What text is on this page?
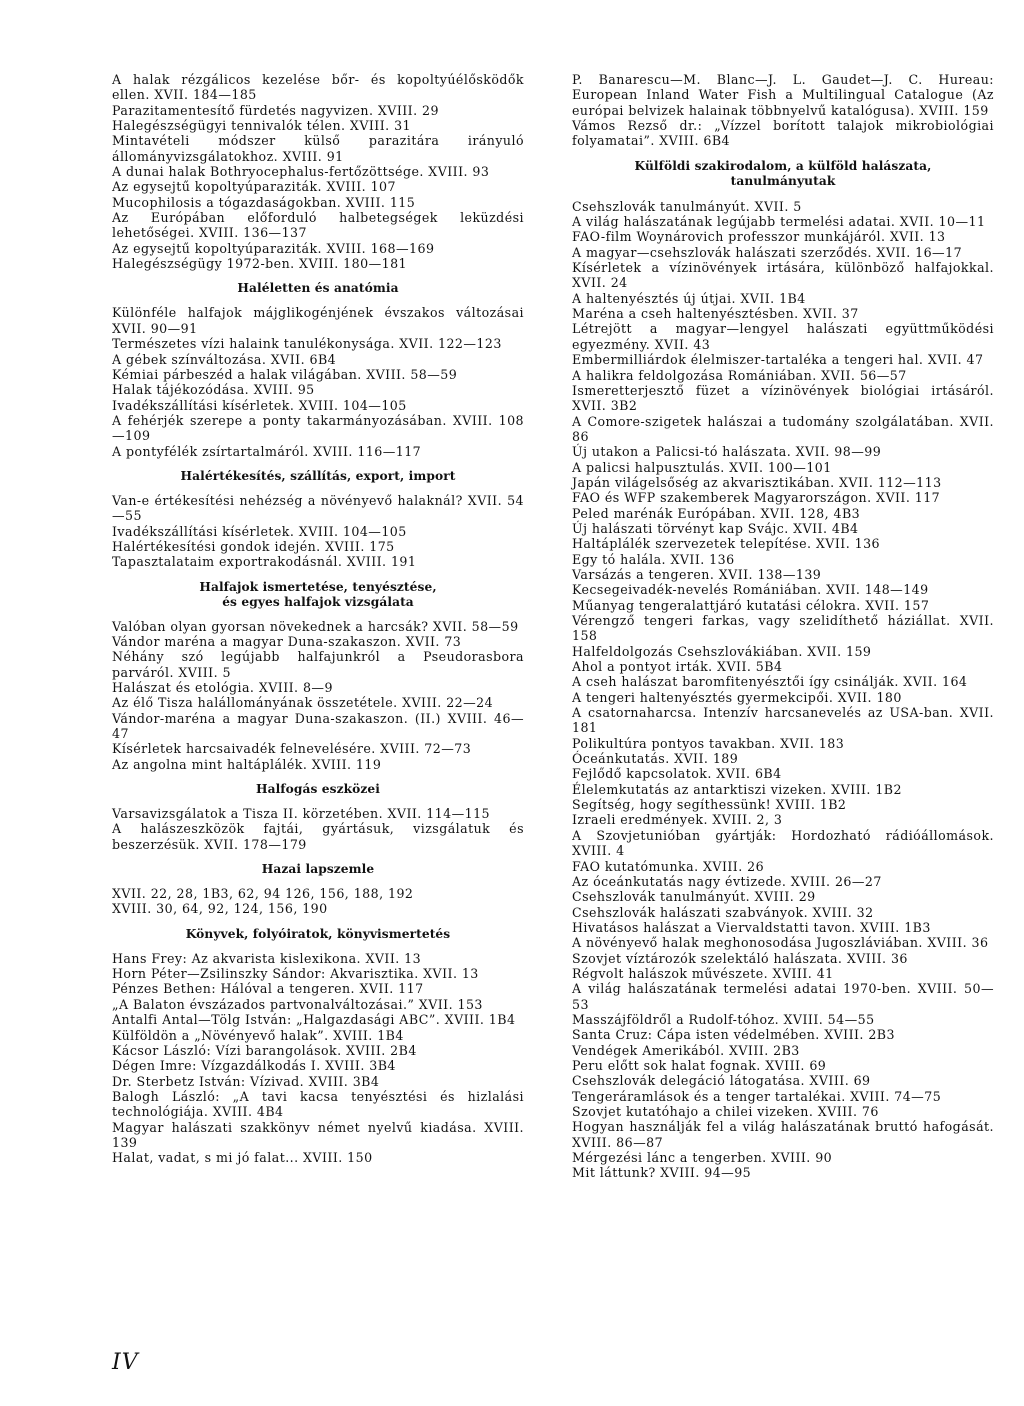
A halak rézgálicos kezelése bőr- és kopoltyúélősködők ellen. XVII. 184—185
Parazitamentesítő fürdetés nagyvizen. XVIII. 29
Halegészségügyi tennivalók télen. XVIII. 31
Mintavételi módszer külső parazitára irányuló állományvizsgálatokhoz. XVIII. 91
A dunai halak Bothryocephalus-fertőzöttsége. XVIII. 93
Az egysejtű kopoltyúparaziták. XVIII. 107
Mucophilosis a tógazdaságokban. XVIII. 115
Az Európában előforduló halbetegségek leküzdési lehetőségei. XVIII. 136—137
Az egysejtű kopoltyúparaziták. XVIII. 168—169
Halegészségügy 1972-ben. XVIII. 180—181
Haléletten és anatómia
Különféle halfajok májglikogénjének évszakos változásai XVII. 90—91
Természetes vízi halaink tanulékonysága. XVII. 122—123
A gébek színváltozása. XVII. 6B4
Kémiai párbeszéd a halak világában. XVIII. 58—59
Halak tájékozódása. XVIII. 95
Ivadékszállítási kísérletek. XVIII. 104—105
A fehérjék szerepe a ponty takarmányozásában. XVIII. 108—109
A pontyfélék zsírtartalmáról. XVIII. 116—117
Halértékesítés, szállítás, export, import
Van-e értékesítési nehézség a növényevő halaknál? XVII. 54—55
Ivadékszállítási kísérletek. XVIII. 104—105
Halértékesítési gondok idején. XVIII. 175
Tapasztalataim exportrakodásnál. XVIII. 191
Halfajok ismertetése, tenyésztése,
és egyes halfajok vizsgálata
Valóban olyan gyorsan növekednek a harcsák? XVII. 58—59
Vándor maréna a magyar Duna-szakaszon. XVII. 73
Néhány szó legújabb halfajunkról a Pseudorasbora parváról. XVIII. 5
Halászat és etológia. XVIII. 8—9
Az élő Tisza halállományának összetétele. XVIII. 22—24
Vándor-maréna a magyar Duna-szakaszon. (II.) XVIII. 46—47
Kísérletek harcsaivadék felnevelésére. XVIII. 72—73
Az angolna mint haltáplálék. XVIII. 119
Halfogás eszközei
Varsavizsgálatok a Tisza II. körzetében. XVII. 114—115
A halászeszközök fajtái, gyártásuk, vizsgálatuk és beszerzésük. XVII. 178—179
Hazai lapszemle
XVII. 22, 28, 1B3, 62, 94 126, 156, 188, 192
XVIII. 30, 64, 92, 124, 156, 190
Könyvek, folyóiratok, könyvismertetés
Hans Frey: Az akvarista kislexikona. XVII. 13
Horn Péter—Zsilinszky Sándor: Akvarisztika. XVII. 13
Pénzes Bethen: Hálóval a tengeren. XVII. 117
„A Balaton évszázados partvonalváltozásai.” XVII. 153
Antalfi Antal—Tölg István: „Halgazdasági ABC”. XVIII. 1B4
Külföldön a „Növényevő halak”. XVIII. 1B4
Kácsor László: Vízi barangolások. XVIII. 2B4
Dégen Imre: Vízgazdálkodás I. XVIII. 3B4
Dr. Sterbetz István: Vízivad. XVIII. 3B4
Balogh László: „A tavi kacsa tenyésztési és hizlalási technológiája. XVIII. 4B4
Magyar halászati szakkönyv német nyelvű kiadása. XVIII. 139
Halat, vadat, s mi jó falat... XVIII. 150
P. Banarescu—M. Blanc—J. L. Gaudet—J. C. Hureau: European Inland Water Fish a Multilingual Catalogue (Az európai belvizek halainak többnyelvű katalógusa). XVIII. 159
Vámos Rezső dr.: „Vízzel borított talajok mikrobiológiai folyamatai”. XVIII. 6B4
Külföldi szakirodalom, a külföld halászata,
tanulmányutak
Csehszlovák tanulmányút. XVII. 5
A világ halászatának legújabb termelési adatai. XVII. 10—11
FAO-film Woynárovich professzor munkájáról. XVII. 13
A magyar—csehszlovák halászati szerződés. XVII. 16—17
Kísérletek a vízinövények irtására, különböző halfajokkal. XVII. 24
A haltenyésztés új útjai. XVII. 1B4
Maréna a cseh haltenyésztésben. XVII. 37
Létrejött a magyar—lengyel halászati együttműködési egyezmény. XVII. 43
Embermilliárdok élelmiszer-tartaléka a tengeri hal. XVII. 47
A halikra feldolgozása Romániában. XVII. 56—57
Ismeretterjesztő füzet a vízinövények biológiai irtásáról. XVII. 3B2
A Comore-szigetek halászai a tudomány szolgálatában. XVII. 86
Új utakon a Palicsi-tó halászata. XVII. 98—99
A palicsi halpusztulás. XVII. 100—101
Japán világelsőség az akvarisztikában. XVII. 112—113
FAO és WFP szakemberek Magyarországon. XVII. 117
Peled marénák Európában. XVII. 128, 4B3
Új halászati törvényt kap Svájc. XVII. 4B4
Haltáplálék szervezetek telepítése. XVII. 136
Egy tó halála. XVII. 136
Varsázás a tengeren. XVII. 138—139
Kecsegeivadék-nevelés Romániában. XVII. 148—149
Műanyag tengeralattjáró kutatási célokra. XVII. 157
Vérengző tengeri farkas, vagy szelidíthető háziállat. XVII. 158
Halfeldolgozás Csehszlovákiában. XVII. 159
Ahol a pontyot irták. XVII. 5B4
A cseh halászat baromfitenyésztői így csinálják. XVII. 164
A tengeri haltenyésztés gyermekcipői. XVII. 180
A csatornaharcsa. Intenzív harcsanevelés az USA-ban. XVII. 181
Polikultúra pontyos tavakban. XVII. 183
Óceánkutatás. XVII. 189
Fejlődő kapcsolatok. XVII. 6B4
Élelemkutatás az antarktiszi vizeken. XVIII. 1B2
Segítség, hogy segíthessünk! XVIII. 1B2
Izraeli eredmények. XVIII. 2, 3
A Szovjetunióban gyártják: Hordozható rádióállomások. XVIII. 4
FAO kutatómunka. XVIII. 26
Az óceánkutatás nagy évtizede. XVIII. 26—27
Csehszlovák tanulmányút. XVIII. 29
Csehszlovák halászati szabványok. XVIII. 32
Hivatásos halászat a Viervaldstatti tavon. XVIII. 1B3
A növényevő halak meghonosodása Jugoszláviában. XVIII. 36
Szovjet víztározók szelektáló halászata. XVIII. 36
Régvolt halászok művészete. XVIII. 41
A világ halászatának termelési adatai 1970-ben. XVIII. 50—53
Masszájföldről a Rudolf-tóhoz. XVIII. 54—55
Santa Cruz: Cápa isten védelmében. XVIII. 2B3
Vendégek Amerikából. XVIII. 2B3
Peru előtt sok halat fognak. XVIII. 69
Csehszlovák delegáció látogatása. XVIII. 69
Tengeráramlások és a tenger tartalékai. XVIII. 74—75
Szovjet kutatóhajo a chilei vizeken. XVIII. 76
Hogyan használják fel a világ halászatának bruttó hafogását. XVIII. 86—87
Mérgezési lánc a tengerben. XVIII. 90
Mit láttunk? XVIII. 94—95
IV
